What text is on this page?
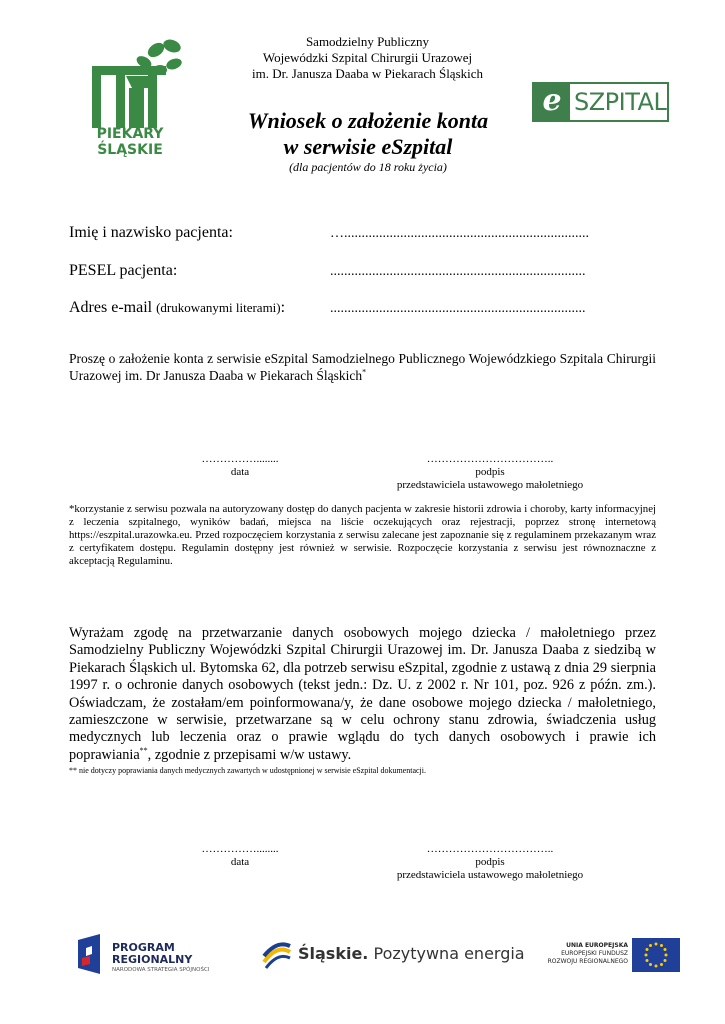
PIEKARY
ŚLĄSKIE
Samodzielny Publiczny
Wojewódzki Szpital Chirurgii Urazowej
im. Dr. Janusza Daaba w Piekarach Śląskich
e SZPITAL
Wniosek o założenie konta
w serwisie eSzpital
(dla pacjentów do 18 roku życia)
Imię i nazwisko pacjenta:	…......................................................................
PESEL pacjenta:	.........................................................................
Adres e-mail (drukowanymi literami):	.........................................................................
Proszę o założenie konta z serwisie eSzpital Samodzielnego Publicznego Wojewódzkiego Szpitala Chirurgii Urazowej im. Dr Janusza Daaba w Piekarach Śląskich*
……………........
data
……………………………..
podpis
przedstawiciela ustawowego małoletniego
*korzystanie z serwisu pozwala na autoryzowany dostęp do danych pacjenta w zakresie historii zdrowia i choroby, karty informacyjnej z leczenia szpitalnego, wyników badań, miejsca na liście oczekujących oraz rejestracji, poprzez stronę internetową https://eszpital.urazowka.eu. Przed rozpoczęciem korzystania z serwisu zalecane jest zapoznanie się z regulaminem przekazanym wraz z certyfikatem dostępu. Regulamin dostępny jest również w serwisie. Rozpoczęcie korzystania z serwisu jest równoznaczne z akceptacją Regulaminu.
Wyrażam zgodę na przetwarzanie danych osobowych mojego dziecka / małoletniego przez Samodzielny Publiczny Wojewódzki Szpital Chirurgii Urazowej im. Dr. Janusza Daaba z siedzibą w Piekarach Śląskich ul. Bytomska 62, dla potrzeb serwisu eSzpital, zgodnie z ustawą z dnia 29 sierpnia 1997 r. o ochronie danych osobowych (tekst jedn.: Dz. U. z 2002 r. Nr 101, poz. 926 z późn. zm.). Oświadczam, że zostałam/em poinformowana/y, że dane osobowe mojego dziecka / małoletniego, zamieszczone w serwisie, przetwarzane są w celu ochrony stanu zdrowia, świadczenia usług medycznych lub leczenia oraz o prawie wglądu do tych danych osobowych i prawie ich poprawiania**, zgodnie z przepisami w/w ustawy.
** nie dotyczy poprawiania danych medycznych zawartych w udostępnionej w serwisie eSzpital dokumentacji.
……………........
data
……………………………..
podpis
przedstawiciela ustawowego małoletniego
PROGRAM
REGIONALNY
NARODOWA STRATEGIA SPÓJNOŚCI
Śląskie. Pozytywna energia	UNIA EUROPEJSKA
EUROPEJSKI FUNDUSZ
ROZWOJU REGIONALNEGO
